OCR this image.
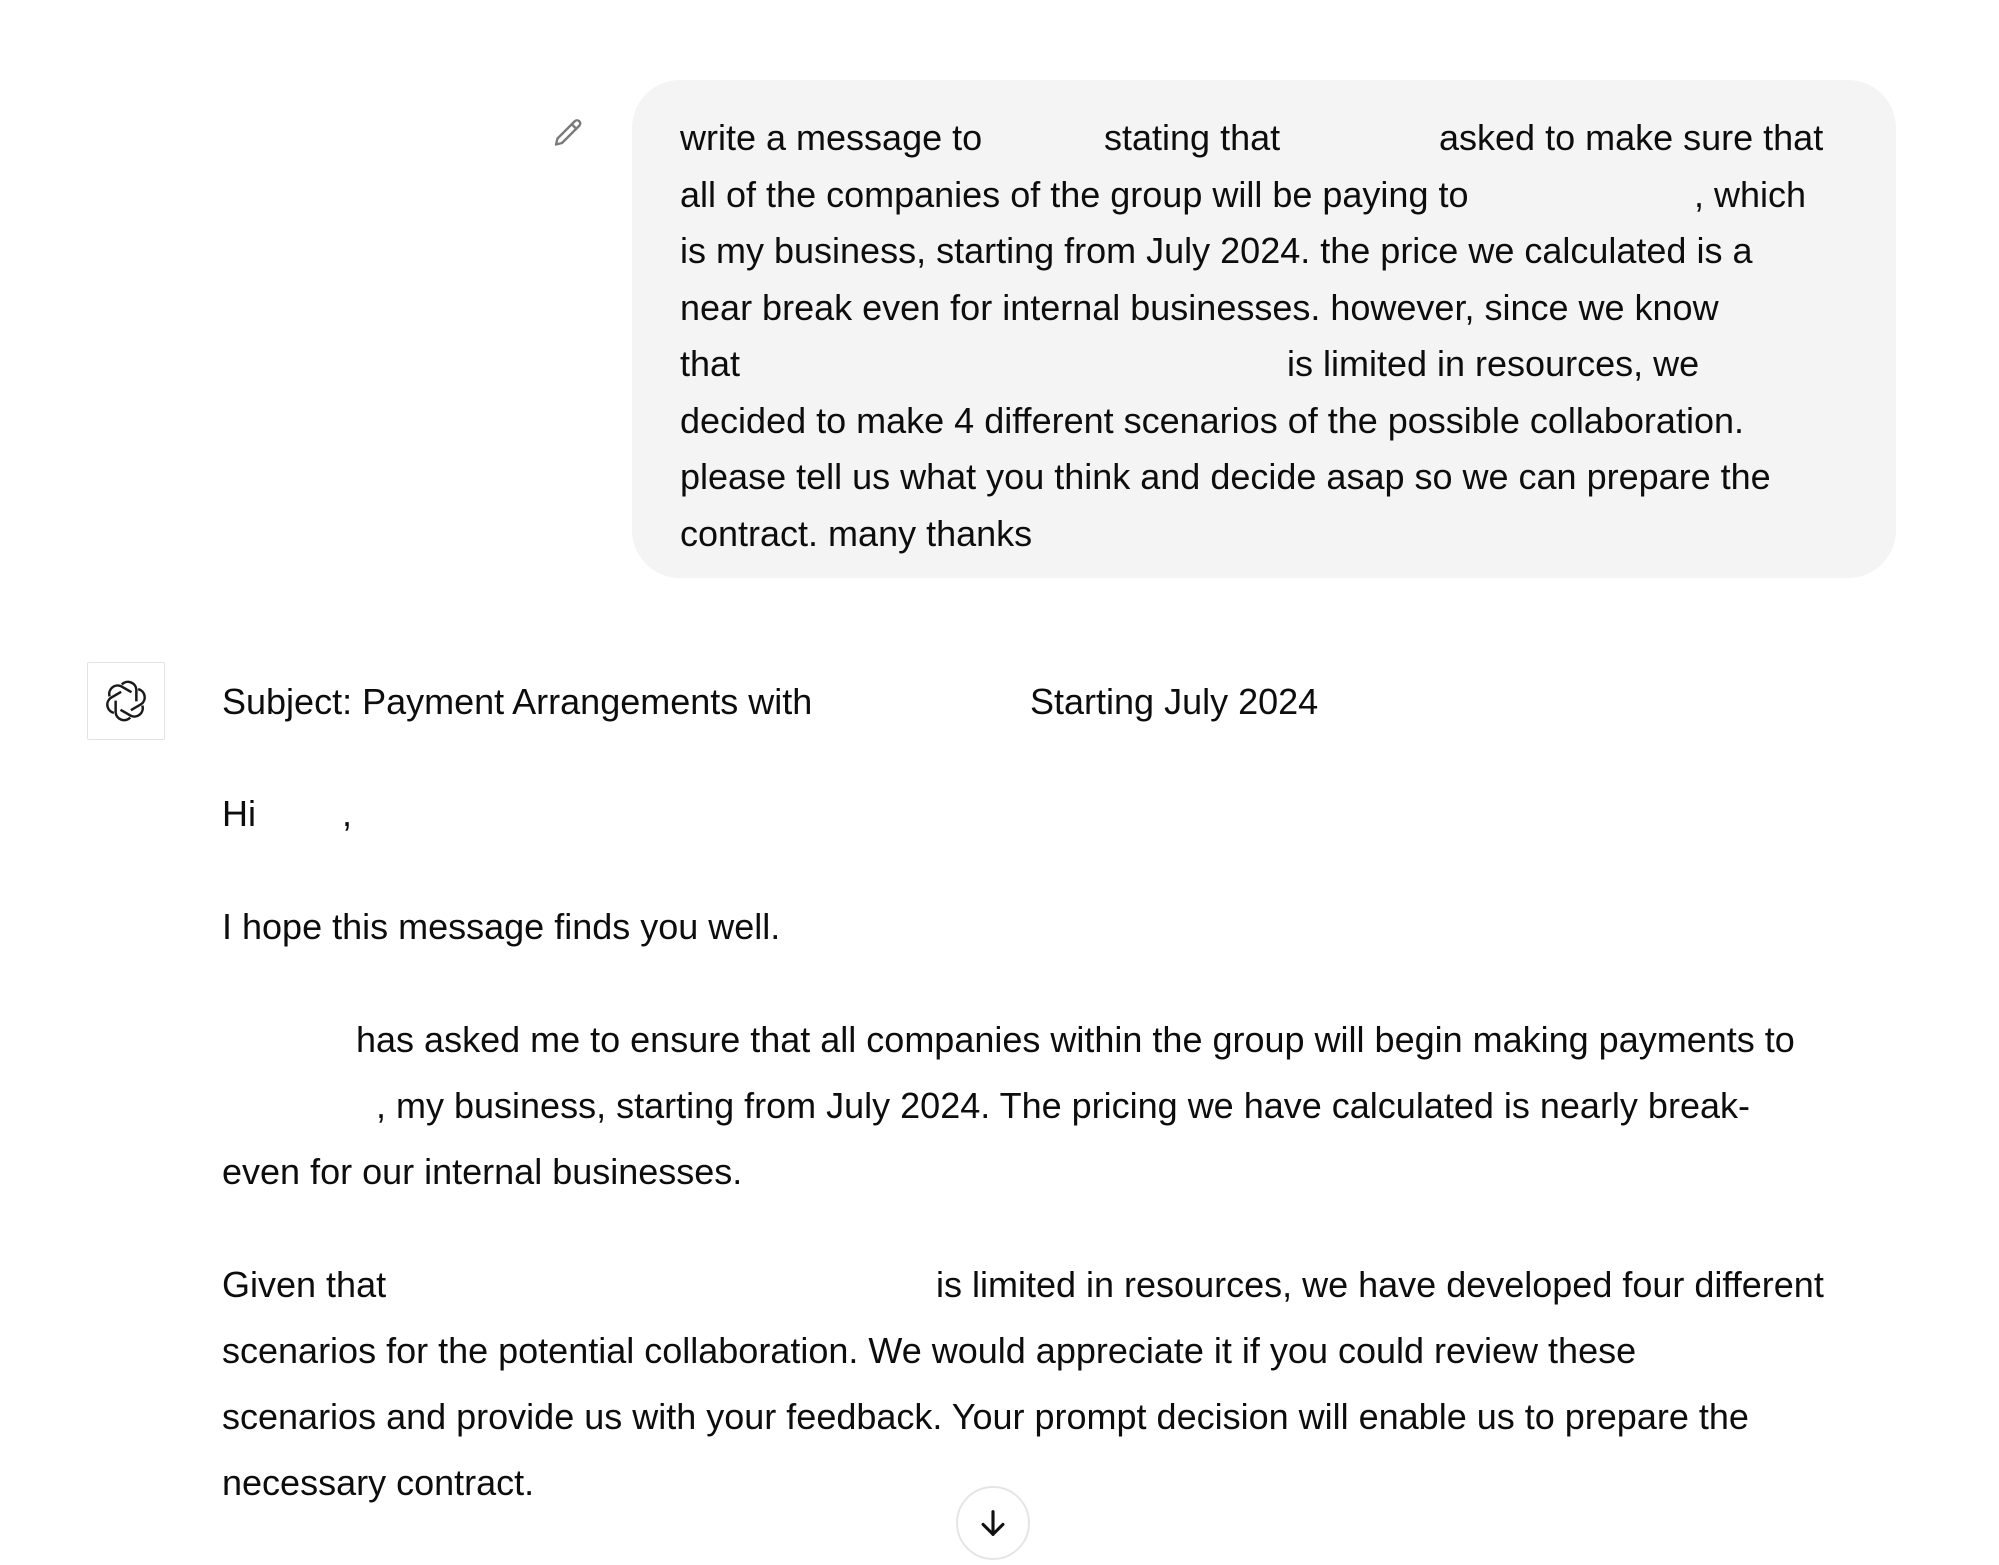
write a message to	stating that	asked to make sure that
all of the companies of the group will be paying to	, which
is my business, starting from July 2024. the price we calculated is a
near break even for internal businesses. however, since we know
that	is limited in resources, we
decided to make 4 different scenarios of the possible collaboration.
please tell us what you think and decide asap so we can prepare the
contract. many thanks
Subject: Payment Arrangements with	Starting July 2024
Hi ,
I hope this message finds you well.
has asked me to ensure that all companies within the group will begin making payments to
, my business, starting from July 2024. The pricing we have calculated is nearly break-
even for our internal businesses.
Given that	is limited in resources, we have developed four different
scenarios for the potential collaboration. We would appreciate it if you could review these
scenarios and provide us with your feedback. Your prompt decision will enable us to prepare the
necessary contract.
